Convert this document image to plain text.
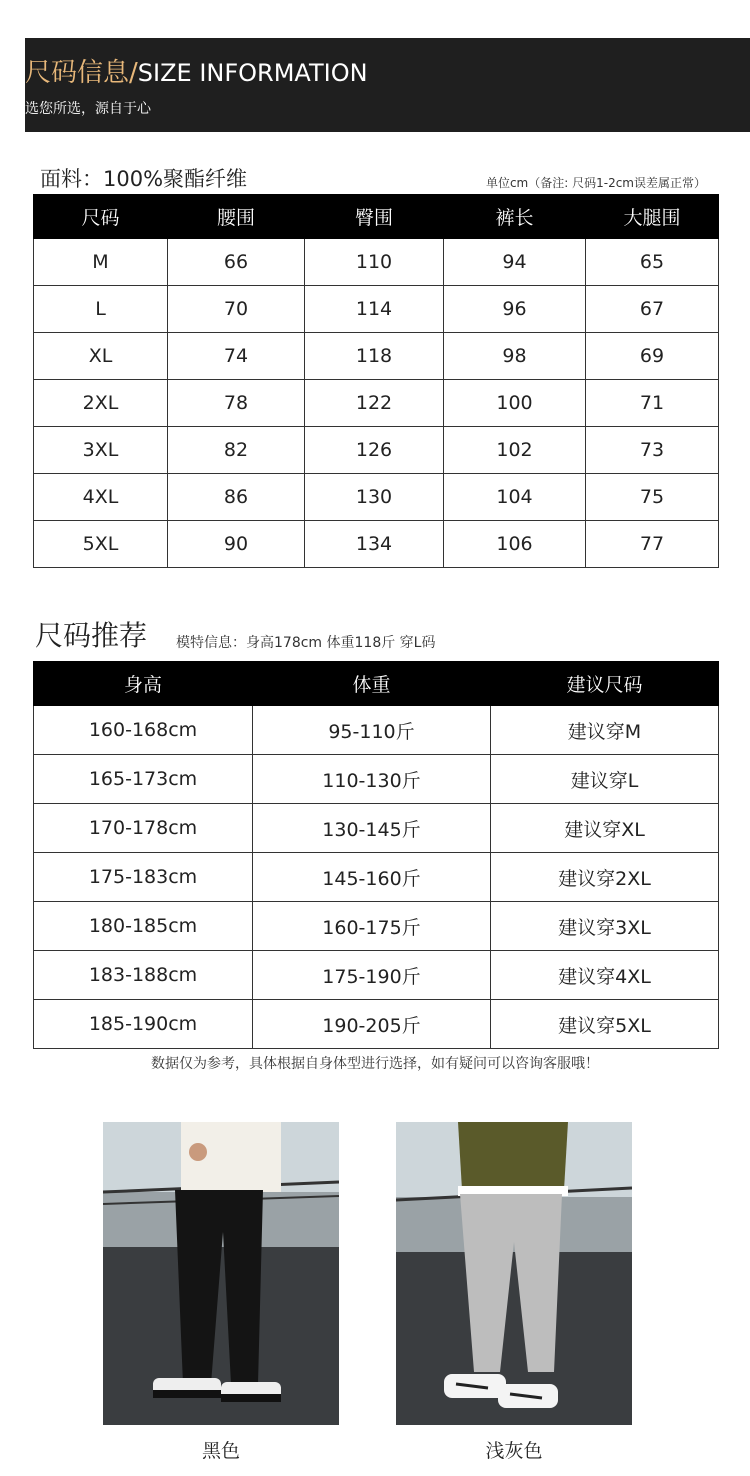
尺码信息/SIZE INFORMATION
选您所选，源自于心
面料：100%聚酯纤维	单位cm（备注: 尺码1-2cm误差属正常）
尺码	腰围	臀围	裤长	大腿围
M	66	110	94	65
L	70	114	96	67
XL	74	118	98	69
2XL	78	122	100	71
3XL	82	126	102	73
4XL	86	130	104	75
5XL	90	134	106	77
尺码推荐 模特信息：身高178cm 体重118斤 穿L码
身高	体重	建议尺码
160-168cm	95-110斤	建议穿M
165-173cm	110-130斤	建议穿L
170-178cm	130-145斤	建议穿XL
175-183cm	145-160斤	建议穿2XL
180-185cm	160-175斤	建议穿3XL
183-188cm	175-190斤	建议穿4XL
185-190cm	190-205斤	建议穿5XL
数据仅为参考，具体根据自身体型进行选择，如有疑问可以咨询客服哦！
黑色	浅灰色
